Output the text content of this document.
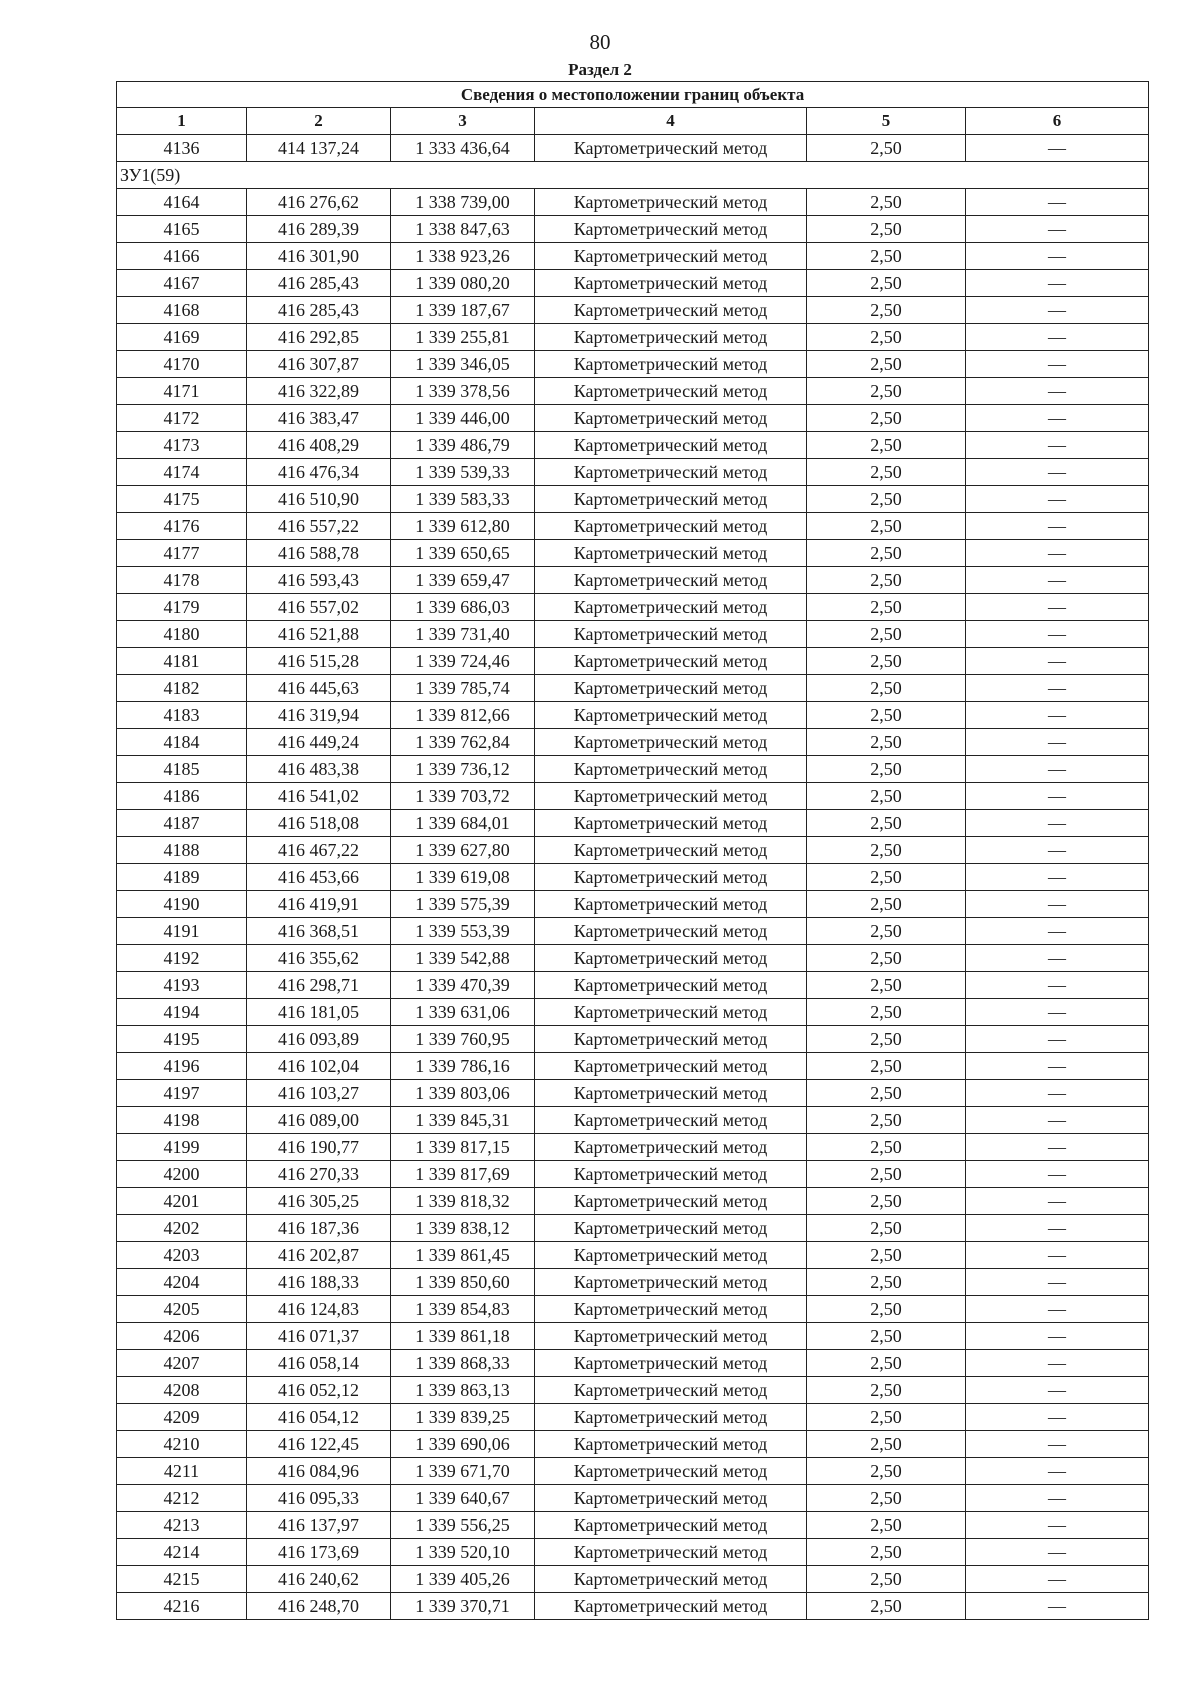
80
Раздел 2
Сведения о местоположении границ объекта					
1	2	3	4	5	6
4136	414 137,24	1 333 436,64	Картометрический метод	2,50	—
ЗУ1(59)					
4164	416 276,62	1 338 739,00	Картометрический метод	2,50	—
4165	416 289,39	1 338 847,63	Картометрический метод	2,50	—
4166	416 301,90	1 338 923,26	Картометрический метод	2,50	—
4167	416 285,43	1 339 080,20	Картометрический метод	2,50	—
4168	416 285,43	1 339 187,67	Картометрический метод	2,50	—
4169	416 292,85	1 339 255,81	Картометрический метод	2,50	—
4170	416 307,87	1 339 346,05	Картометрический метод	2,50	—
4171	416 322,89	1 339 378,56	Картометрический метод	2,50	—
4172	416 383,47	1 339 446,00	Картометрический метод	2,50	—
4173	416 408,29	1 339 486,79	Картометрический метод	2,50	—
4174	416 476,34	1 339 539,33	Картометрический метод	2,50	—
4175	416 510,90	1 339 583,33	Картометрический метод	2,50	—
4176	416 557,22	1 339 612,80	Картометрический метод	2,50	—
4177	416 588,78	1 339 650,65	Картометрический метод	2,50	—
4178	416 593,43	1 339 659,47	Картометрический метод	2,50	—
4179	416 557,02	1 339 686,03	Картометрический метод	2,50	—
4180	416 521,88	1 339 731,40	Картометрический метод	2,50	—
4181	416 515,28	1 339 724,46	Картометрический метод	2,50	—
4182	416 445,63	1 339 785,74	Картометрический метод	2,50	—
4183	416 319,94	1 339 812,66	Картометрический метод	2,50	—
4184	416 449,24	1 339 762,84	Картометрический метод	2,50	—
4185	416 483,38	1 339 736,12	Картометрический метод	2,50	—
4186	416 541,02	1 339 703,72	Картометрический метод	2,50	—
4187	416 518,08	1 339 684,01	Картометрический метод	2,50	—
4188	416 467,22	1 339 627,80	Картометрический метод	2,50	—
4189	416 453,66	1 339 619,08	Картометрический метод	2,50	—
4190	416 419,91	1 339 575,39	Картометрический метод	2,50	—
4191	416 368,51	1 339 553,39	Картометрический метод	2,50	—
4192	416 355,62	1 339 542,88	Картометрический метод	2,50	—
4193	416 298,71	1 339 470,39	Картометрический метод	2,50	—
4194	416 181,05	1 339 631,06	Картометрический метод	2,50	—
4195	416 093,89	1 339 760,95	Картометрический метод	2,50	—
4196	416 102,04	1 339 786,16	Картометрический метод	2,50	—
4197	416 103,27	1 339 803,06	Картометрический метод	2,50	—
4198	416 089,00	1 339 845,31	Картометрический метод	2,50	—
4199	416 190,77	1 339 817,15	Картометрический метод	2,50	—
4200	416 270,33	1 339 817,69	Картометрический метод	2,50	—
4201	416 305,25	1 339 818,32	Картометрический метод	2,50	—
4202	416 187,36	1 339 838,12	Картометрический метод	2,50	—
4203	416 202,87	1 339 861,45	Картометрический метод	2,50	—
4204	416 188,33	1 339 850,60	Картометрический метод	2,50	—
4205	416 124,83	1 339 854,83	Картометрический метод	2,50	—
4206	416 071,37	1 339 861,18	Картометрический метод	2,50	—
4207	416 058,14	1 339 868,33	Картометрический метод	2,50	—
4208	416 052,12	1 339 863,13	Картометрический метод	2,50	—
4209	416 054,12	1 339 839,25	Картометрический метод	2,50	—
4210	416 122,45	1 339 690,06	Картометрический метод	2,50	—
4211	416 084,96	1 339 671,70	Картометрический метод	2,50	—
4212	416 095,33	1 339 640,67	Картометрический метод	2,50	—
4213	416 137,97	1 339 556,25	Картометрический метод	2,50	—
4214	416 173,69	1 339 520,10	Картометрический метод	2,50	—
4215	416 240,62	1 339 405,26	Картометрический метод	2,50	—
4216	416 248,70	1 339 370,71	Картометрический метод	2,50	—
